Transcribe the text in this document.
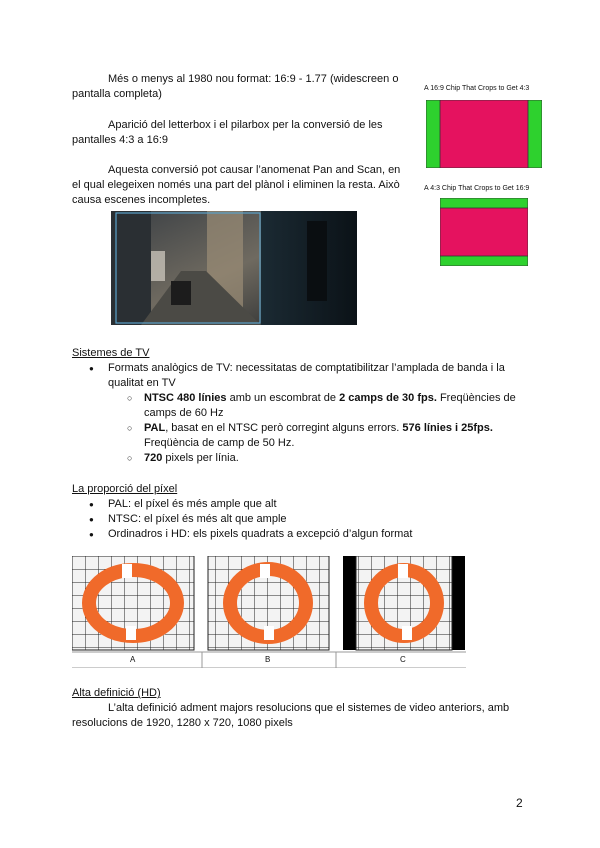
Més o menys al 1980 nou format: 16:9 - 1.77 (widescreen o pantalla completa)
Aparició del letterbox i el pilarbox per la conversió de les pantalles 4:3 a 16:9
Aquesta conversió pot causar l’anomenat Pan and Scan, en el qual elegeixen només una part del plànol i eliminen la resta. Això causa escenes incompletes.
A 16:9 Chip That Crops to Get 4:3
A 4:3 Chip That Crops to Get 16:9
Sistemes de TV
● Formats analògics de TV: necessitatas de comptatibilitzar l’amplada de banda i la qualitat en TV
○ NTSC 480 línies amb un escombrat de 2 camps de 30 fps. Freqüències de camps de 60 Hz
○ PAL, basat en el NTSC però corregint alguns errors. 576 línies i 25fps. Freqüència de camp de 50 Hz.
○ 720 pixels per línia.
La proporció del píxel
● PAL: el píxel és més ample que alt
● NTSC: el píxel és més alt que ample
● Ordinadros i HD: els pixels quadrats a excepció d’algun format
A	B	C
Alta definició (HD)
L’alta definició adment majors resolucions que el sistemes de video anteriors, amb resolucions de 1920, 1280 x 720, 1080 pixels
2
